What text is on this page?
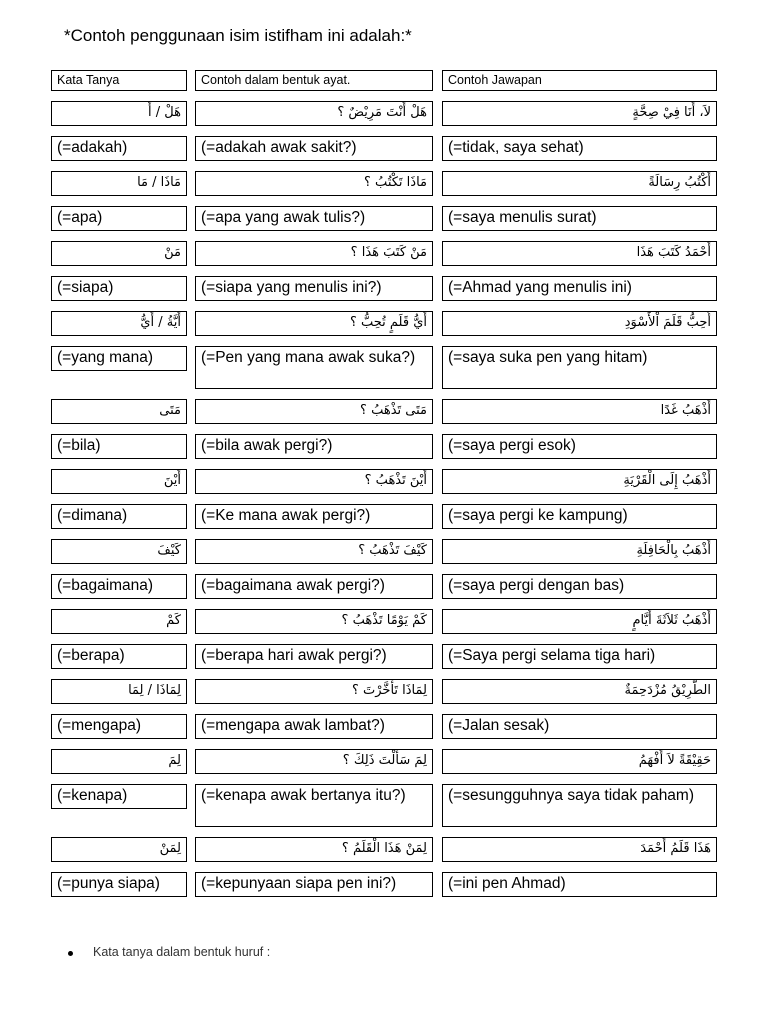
*Contoh penggunaan isim istifham ini adalah:*
Kata Tanya	Contoh dalam bentuk ayat.	Contoh Jawapan
هَلْ / أَ	هَلْ أَنْتَ مَرِيْضٌ ؟	لاَ، أَنَا فِيْ صِحَّةٍ
(=adakah)	(=adakah awak sakit?)	(=tidak, saya sehat)
مَاذَا / مَا	مَاذَا تَكْتُبُ ؟	أَكْتُبُ رِسَالَةً
(=apa)	(=apa yang awak tulis?)	(=saya menulis surat)
مَنْ	مَنْ كَتَبَ هَذَا ؟	أَحْمَدُ كَتَبَ هَذَا
(=siapa)	(=siapa yang menulis ini?)	(=Ahmad yang menulis ini)
أَيَّةُ / أَيُّ	أَيُّ قَلَمٍ تُحِبُّ ؟	أُحِبُّ قَلَمَ اْلأَسْوَدِ
(=yang mana)	(=Pen yang mana awak suka?)	(=saya suka pen yang hitam)
مَتَى	مَتَى تَذْهَبُ ؟	أَذْهَبُ غَدًا
(=bila)	(=bila awak pergi?)	(=saya pergi esok)
أَيْنَ	أَيْنَ تَذْهَبُ ؟	أَذْهَبُ إِلَى الْقَرْيَةِ
(=dimana)	(=Ke mana awak pergi?)	(=saya pergi ke kampung)
كَيْفَ	كَيْفَ تَذْهَبُ ؟	أَذْهَبُ بِالْحَافِلَةِ
(=bagaimana)	(=bagaimana awak pergi?)	(=saya pergi dengan bas)
كَمْ	كَمْ يَوْمًا تَذْهَبُ ؟	أَذْهَبُ ثَلاَثَةَ أَيَّامٍ
(=berapa)	(=berapa hari awak pergi?)	(=Saya pergi selama tiga hari)
لِمَاذَا / لِمَا	لِمَاذَا تَأَخَّرْتَ ؟	الطَّرِيْقُ مُزْدَحِمَةٌ
(=mengapa)	(=mengapa awak lambat?)	(=Jalan sesak)
لِمَ	لِمَ سَأَلْتَ ذَلِكَ ؟	حَقِيْقَةً لاَ أَفْهَمُ
(=kenapa)	(=kenapa awak bertanya itu?)	(=sesungguhnya saya tidak paham)
لِمَنْ	لِمَنْ هَذَا الْقَلَمُ ؟	هَذَا قَلَمُ أَحْمَدَ
(=punya siapa)	(=kepunyaan siapa pen ini?)	(=ini pen Ahmad)
Kata tanya dalam bentuk huruf :
